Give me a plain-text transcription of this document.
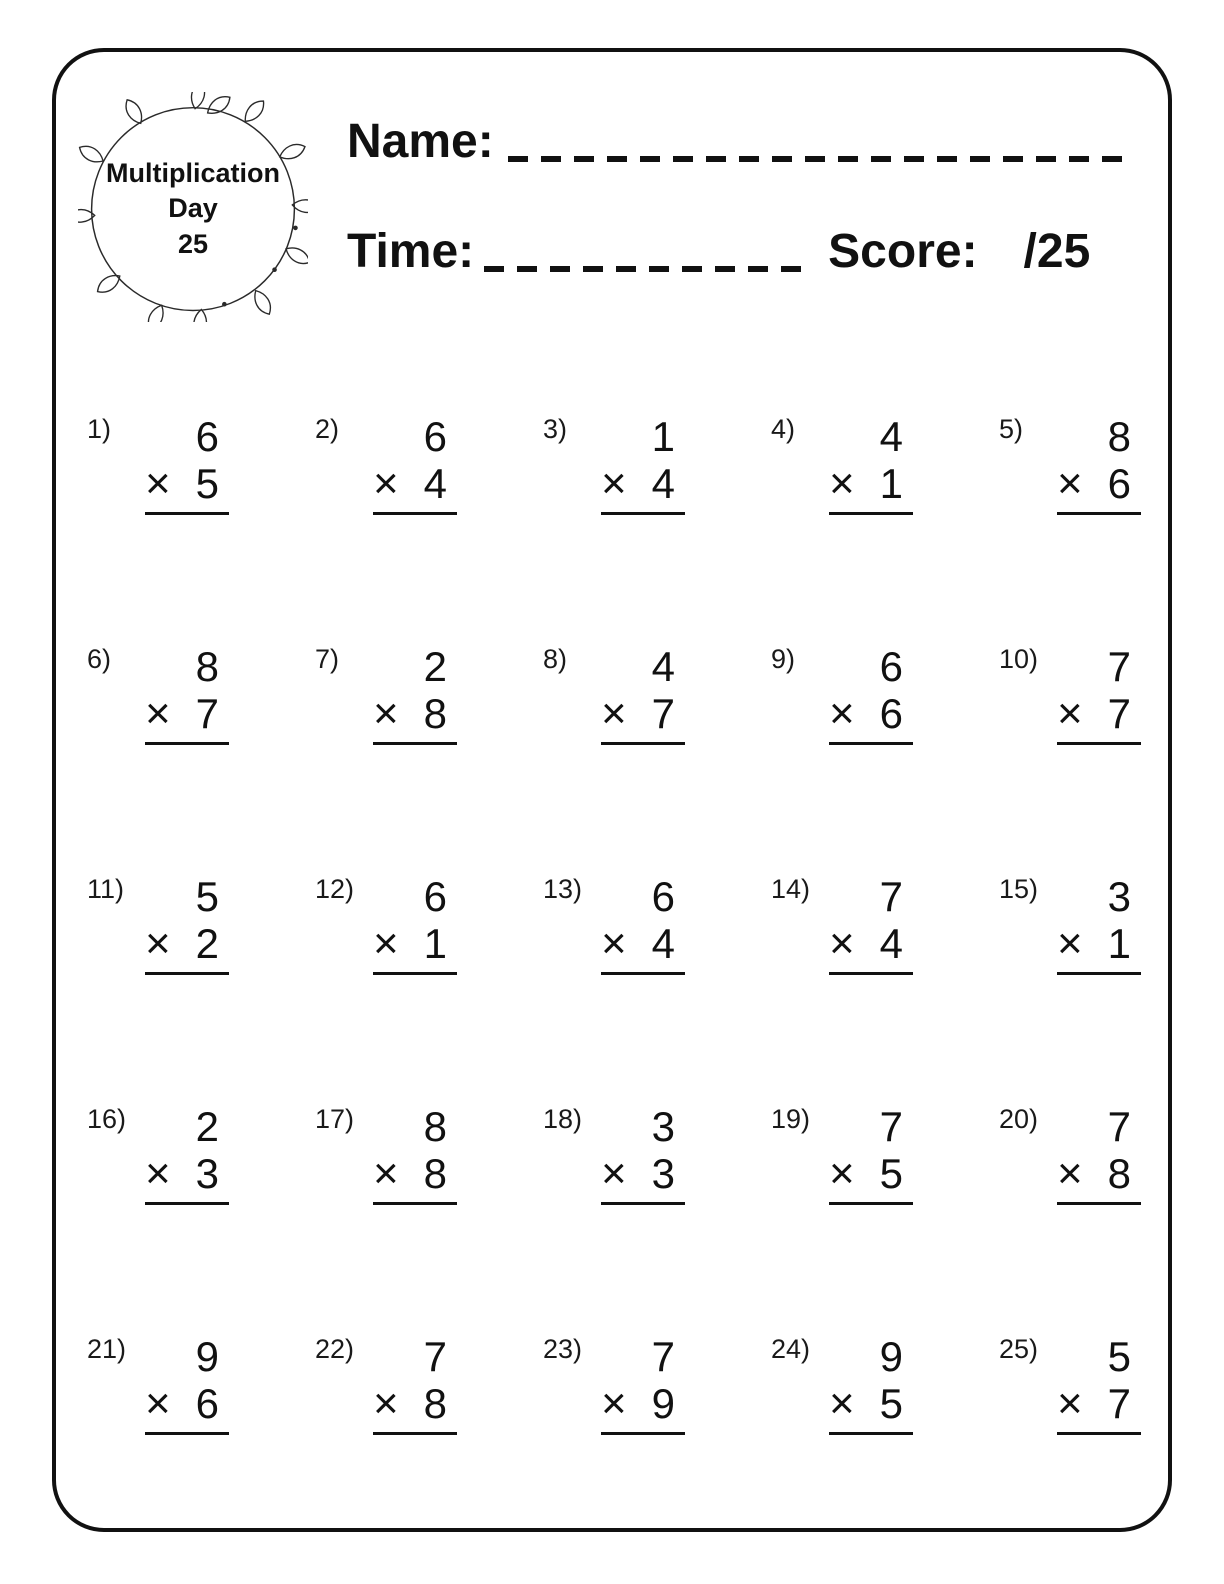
Multiplication
Day
25
Name:
Time:	Score: /25
1)	6
× 5
2)	6
× 4
3)	1
× 4
4)	4
× 1
5)	8
× 6
6)	8
× 7
7)	2
× 8
8)	4
× 7
9)	6
× 6
10)	7
× 7
11)	5
× 2
12)	6
× 1
13)	6
× 4
14)	7
× 4
15)	3
× 1
16)	2
× 3
17)	8
× 8
18)	3
× 3
19)	7
× 5
20)	7
× 8
21)	9
× 6
22)	7
× 8
23)	7
× 9
24)	9
× 5
25)	5
× 7
